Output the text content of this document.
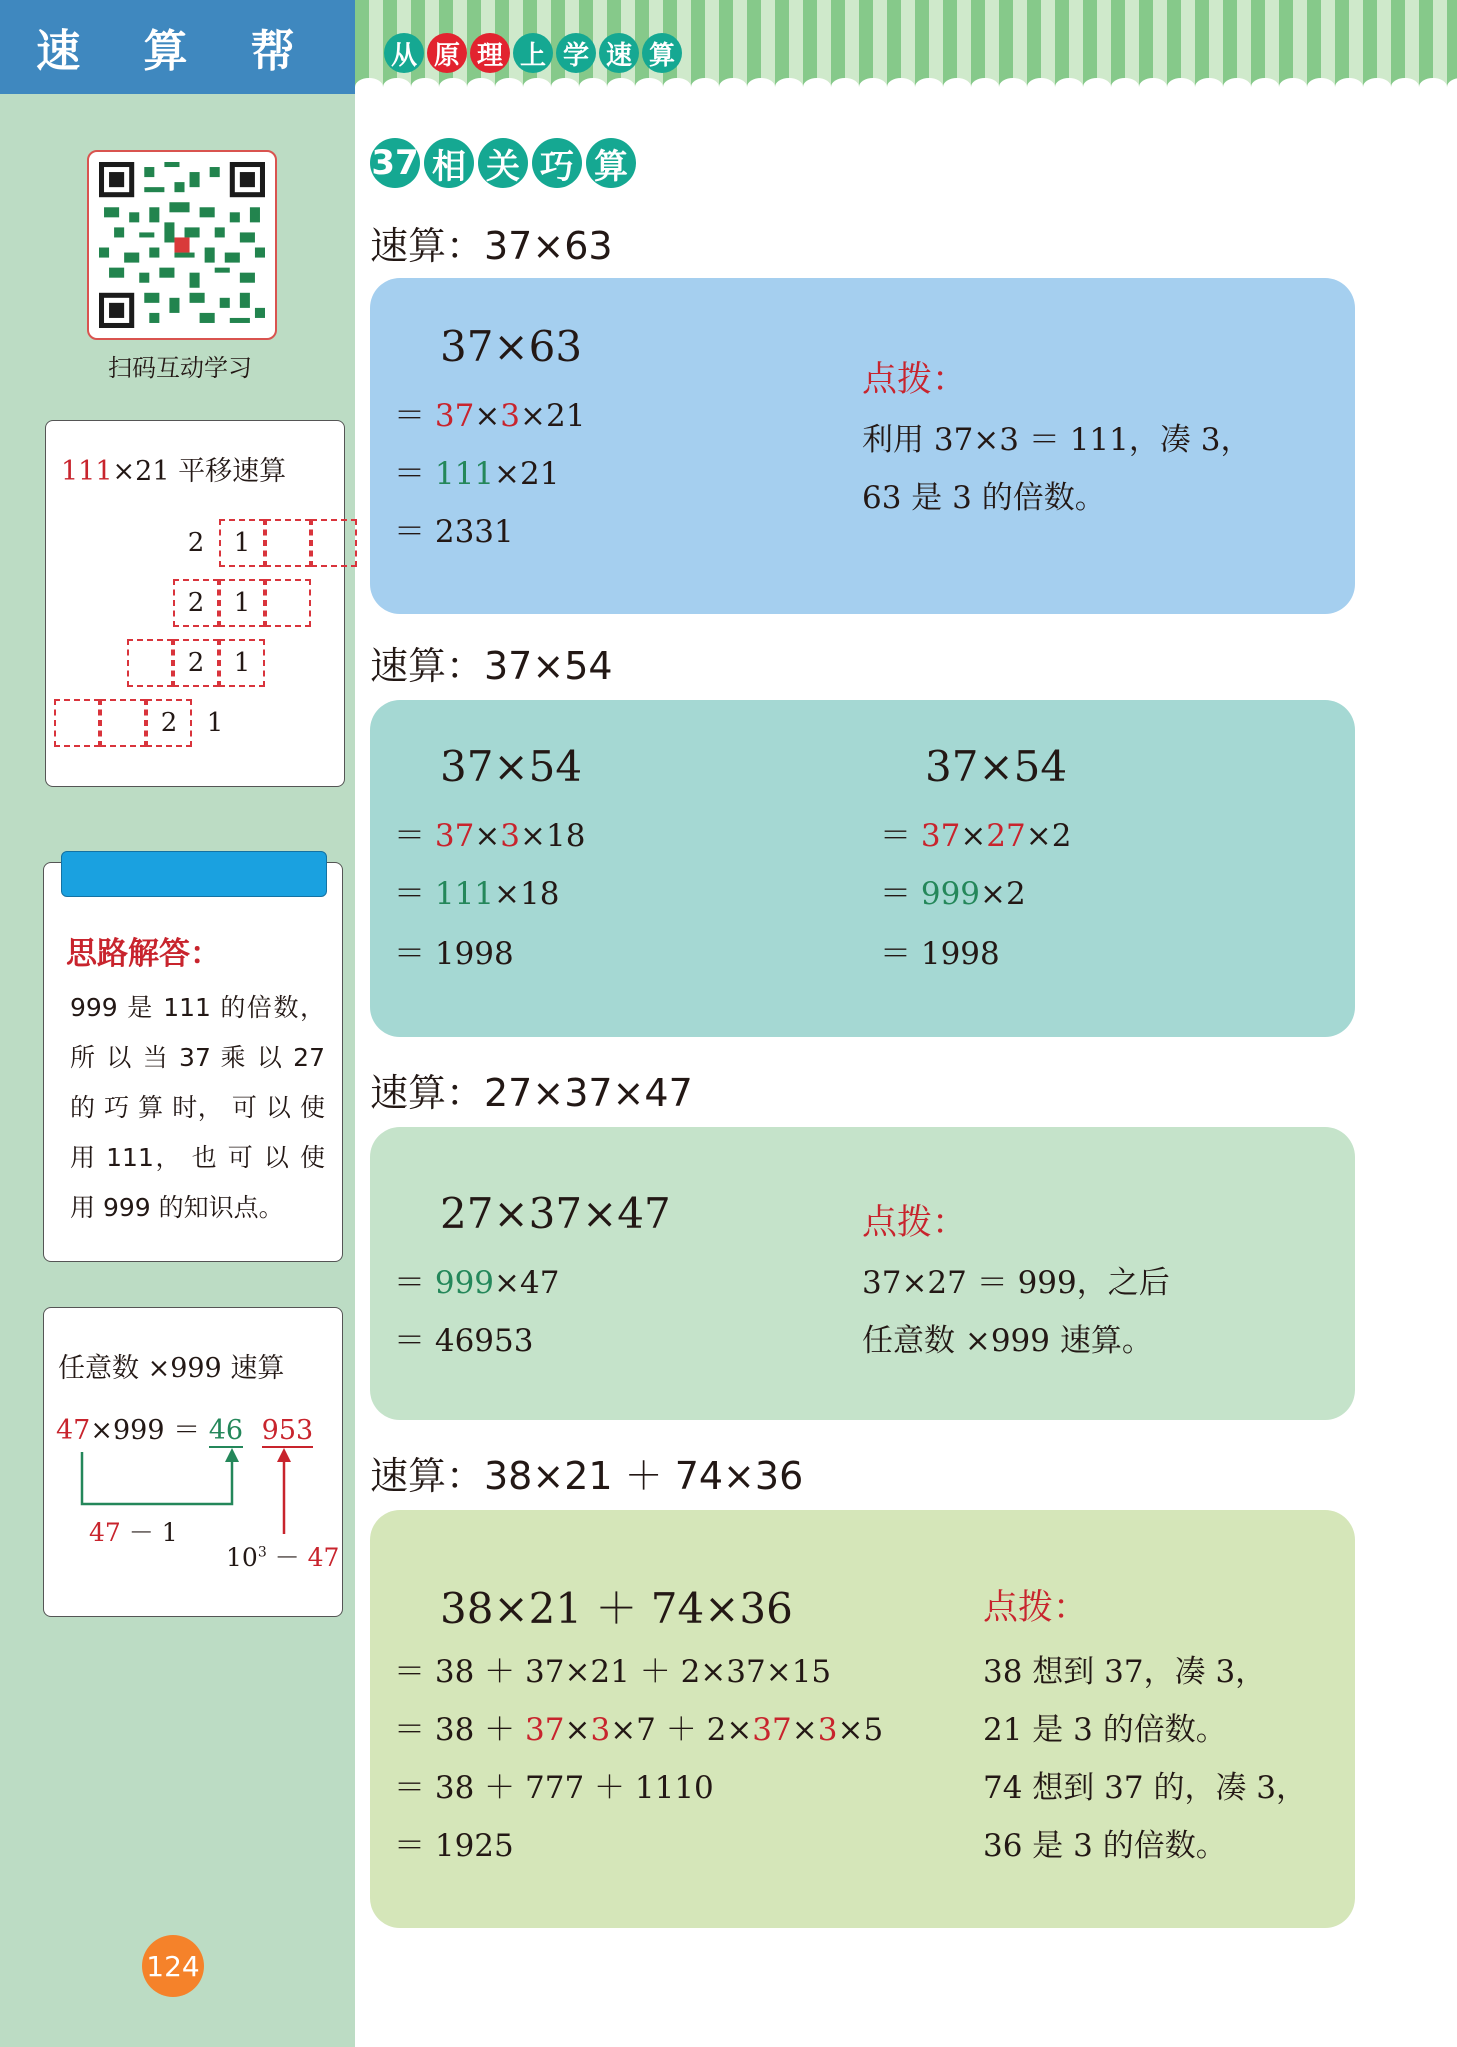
速 算 帮
扫码互动学习
111×21 平移速算
2	1
2	1
2	1
2	1
思路解答：
999 是 111 的倍数，
所 以 当 37 乘 以 27
的 巧 算 时， 可 以 使
用 111， 也 可 以 使
用 999 的知识点。
任意数 ×999 速算
47×999 ＝ 46 953
47 － 1
$10^3 - 47$
124
从 原 理 上 学 速 算
37 相 关 巧 算
速算：37×63
37×63
＝ 37×3×21
＝ 111×21
＝ 2331
点拨：
利用 37×3 ＝ 111，凑 3，
63 是 3 的倍数。
速算：37×54
37×54
＝ 37×3×18
＝ 111×18
＝ 1998
37×54
＝ 37×27×2
＝ 999×2
＝ 1998
速算：27×37×47
27×37×47
＝ 999×47
＝ 46953
点拨：
37×27 ＝ 999，之后
任意数 ×999 速算。
速算：38×21 ＋ 74×36
38×21 ＋ 74×36
＝ 38 ＋ 37×21 ＋ 2×37×15
＝ 38 ＋ 37×3×7 ＋ 2×37×3×5
＝ 38 ＋ 777 ＋ 1110
＝ 1925
点拨：
38 想到 37，凑 3，
21 是 3 的倍数。
74 想到 37 的，凑 3，
36 是 3 的倍数。
